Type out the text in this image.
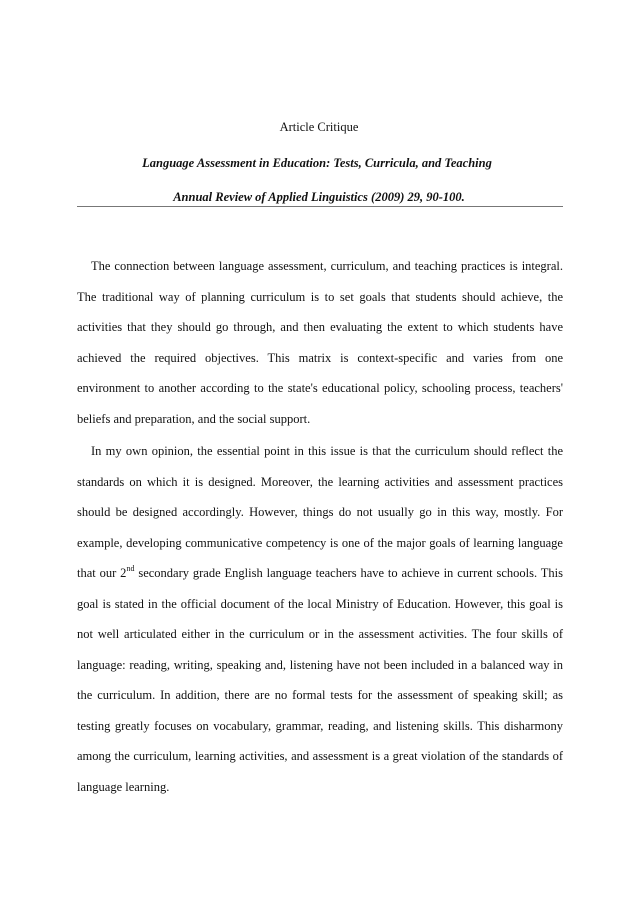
Article Critique
Language Assessment in Education: Tests, Curricula, and Teaching
Annual Review of Applied Linguistics (2009) 29, 90-100.

The connection between language assessment, curriculum, and teaching practices is integral. The traditional way of planning curriculum is to set goals that students should achieve, the activities that they should go through, and then evaluating the extent to which students have achieved the required objectives. This matrix is context-specific and varies from one environment to another according to the state's educational policy, schooling process, teachers' beliefs and preparation, and the social support.

In my own opinion, the essential point in this issue is that the curriculum should reflect the standards on which it is designed. Moreover, the learning activities and assessment practices should be designed accordingly. However, things do not usually go in this way, mostly. For example, developing communicative competency is one of the major goals of learning language that our 2nd secondary grade English language teachers have to achieve in current schools. This goal is stated in the official document of the local Ministry of Education. However, this goal is not well articulated either in the curriculum or in the assessment activities. The four skills of language: reading, writing, speaking and, listening have not been included in a balanced way in the curriculum. In addition, there are no formal tests for the assessment of speaking skill; as testing greatly focuses on vocabulary, grammar, reading, and listening skills. This disharmony among the curriculum, learning activities, and assessment is a great violation of the standards of language learning.
